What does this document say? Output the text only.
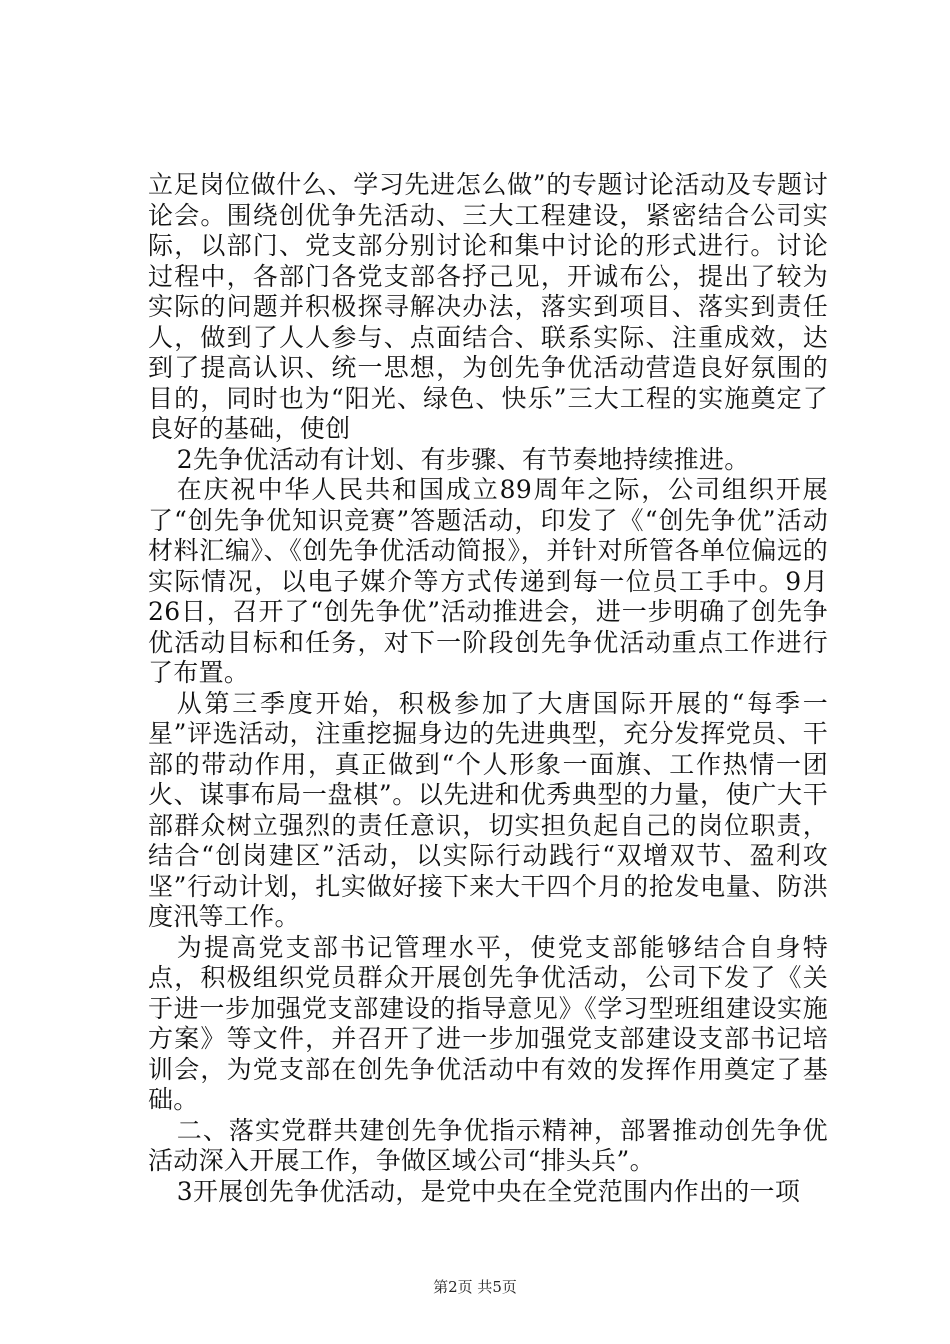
立足岗位做什么、学习先进怎么做”的专题讨论活动及专题讨论会。围绕创优争先活动、三大工程建设，紧密结合公司实际，以部门、党支部分别讨论和集中讨论的形式进行。讨论过程中，各部门各党支部各抒己见，开诚布公，提出了较为实际的问题并积极探寻解决办法，落实到项目、落实到责任人，做到了人人参与、点面结合、联系实际、注重成效，达到了提高认识、统一思想，为创先争优活动营造良好氛围的目的，同时也为“阳光、绿色、快乐”三大工程的实施奠定了良好的基础，使创

2先争优活动有计划、有步骤、有节奏地持续推进。

在庆祝中华人民共和国成立89周年之际，公司组织开展了“创先争优知识竞赛”答题活动，印发了《“创先争优”活动材料汇编》、《创先争优活动简报》，并针对所管各单位偏远的实际情况，以电子媒介等方式传递到每一位员工手中。9月26日，召开了“创先争优”活动推进会，进一步明确了创先争优活动目标和任务，对下一阶段创先争优活动重点工作进行了布置。

从第三季度开始，积极参加了大唐国际开展的“每季一星”评选活动，注重挖掘身边的先进典型，充分发挥党员、干部的带动作用，真正做到“个人形象一面旗、工作热情一团火、谋事布局一盘棋”。以先进和优秀典型的力量，使广大干部群众树立强烈的责任意识，切实担负起自己的岗位职责，结合“创岗建区”活动，以实际行动践行“双增双节、盈利攻坚”行动计划，扎实做好接下来大干四个月的抢发电量、防洪度汛等工作。

为提高党支部书记管理水平，使党支部能够结合自身特点，积极组织党员群众开展创先争优活动，公司下发了《关于进一步加强党支部建设的指导意见》《学习型班组建设实施方案》等文件，并召开了进一步加强党支部建设支部书记培训会，为党支部在创先争优活动中有效的发挥作用奠定了基础。

二、落实党群共建创先争优指示精神，部署推动创先争优活动深入开展工作，争做区域公司“排头兵”。

3开展创先争优活动，是党中央在全党范围内作出的一项

第2页 共5页
